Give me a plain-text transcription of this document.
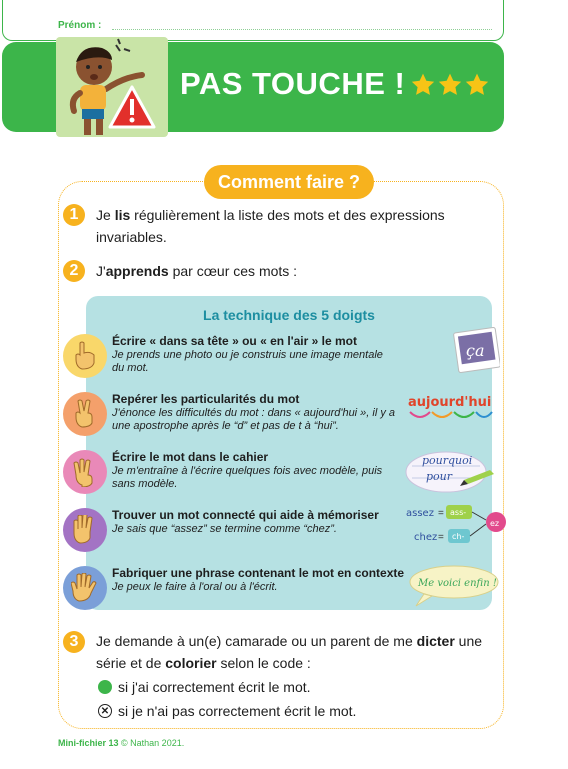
Prénom :
PAS TOUCHE !
Comment faire ?
1	Je lis régulièrement la liste des mots et des expressions invariables.
2	J'apprends par cœur ces mots :
La technique des 5 doigts
Écrire « dans sa tête » ou « en l'air » le mot
Je prends une photo ou je construis une image mentale du mot.
ça
Repérer les particularités du mot
J'énonce les difficultés du mot : dans « aujourd'hui », il y a une apostrophe après le “d” et pas de t à “hui”.
aujourd'hui
Écrire le mot dans le cahier
Je m'entraîne à l'écrire quelques fois avec modèle, puis sans modèle.
pourquoi
pour
Trouver un mot connecté qui aide à mémoriser
Je sais que “assez” se termine comme “chez”.
assez
chez
=
=
ass-
ch-
ez
Fabriquer une phrase contenant le mot en contexte
Je peux le faire à l'oral ou à l'écrit.	Me voici enfin !
3	Je demande à un(e) camarade ou un parent de me dicter une série et de colorier selon le code :
si j'ai correctement écrit le mot.
✕ si je n'ai pas correctement écrit le mot.
Mini-fichier 13 © Nathan 2021.
